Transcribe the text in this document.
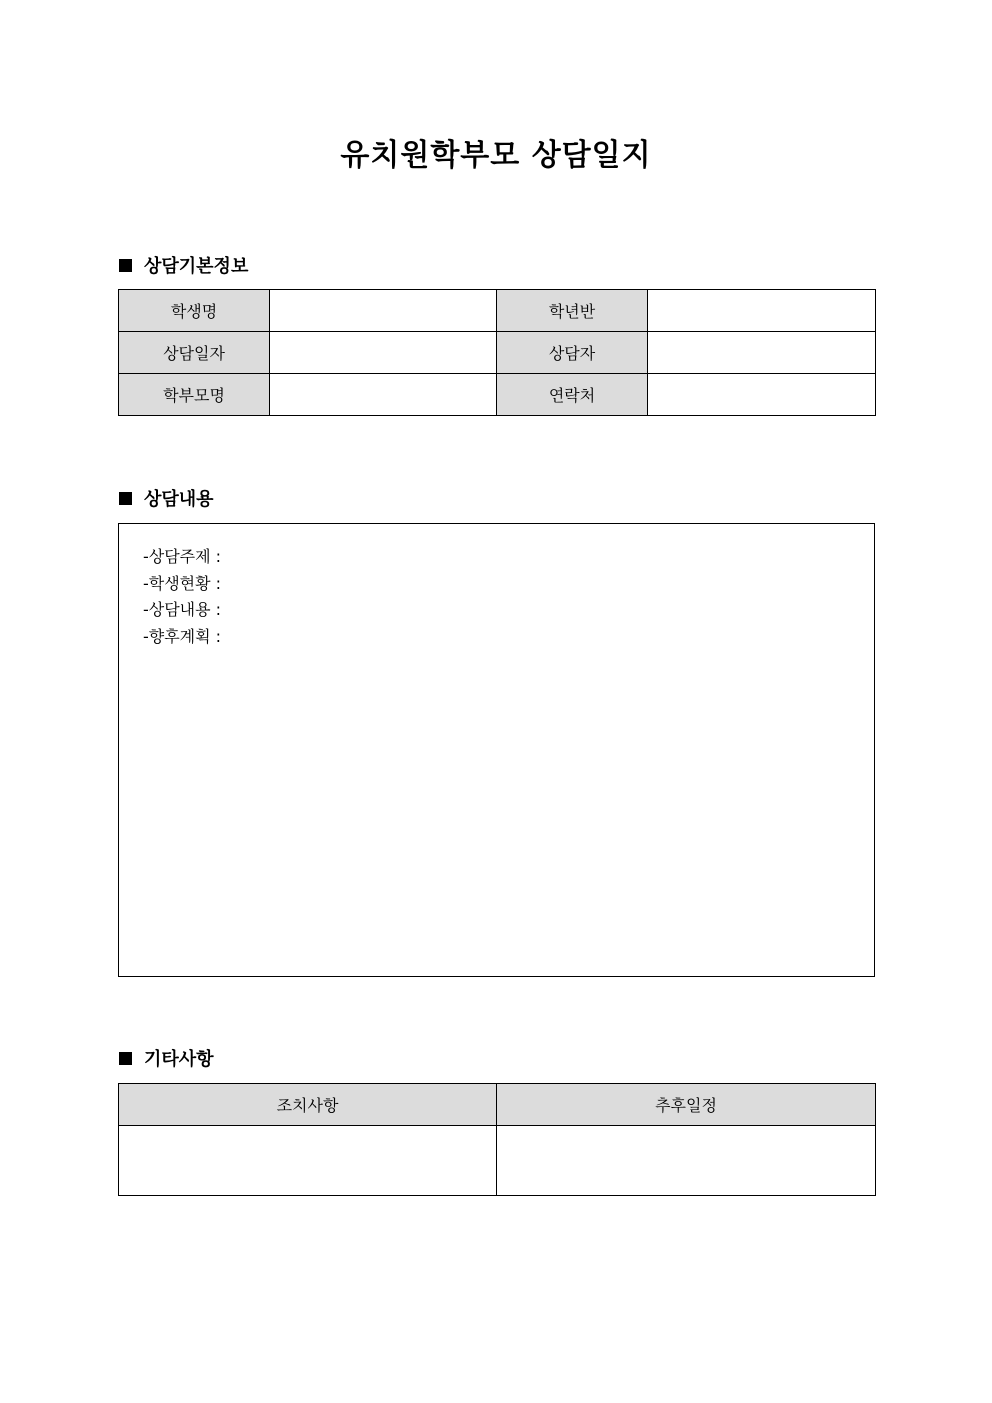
유치원학부모 상담일지
상담기본정보
학생명		학년반	
상담일자		상담자	
학부모명		연락처	
상담내용
-상담주제 :
-학생현황 :
-상담내용 :
-향후계획 :
기타사항
조치사항	추후일정
